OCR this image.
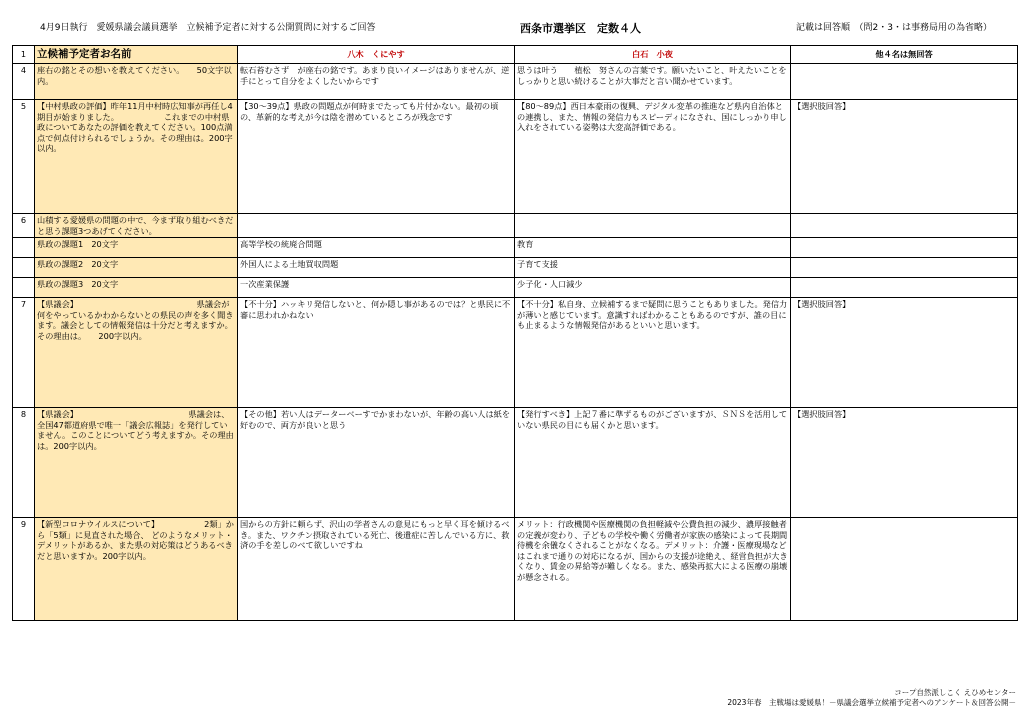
4月9日執行　愛媛県議会議員選挙　立候補予定者に対する公開質問に対するご回答	西条市選挙区　定数４人	記載は回答順　（問2・3・は事務局用の為省略）
1	立候補予定者お名前	八木　くにやす	白石　小夜	他４名は無回答
4	座右の銘とその想いを教えてください。　　50文字以内。	転石苔むさず　が座右の銘です。あまり良いイメージはありませんが、逆手にとって自分をよくしたいからです	思うは叶う　　植松　努さんの言葉です。願いたいこと、叶えたいことをしっかりと思い続けることが大事だと言い聞かせています。	
5	【中村県政の評価】昨年11月中村時広知事が再任し4期目が始まりました。　　　　　　これまでの中村県政についてあなたの評価を教えてください。100点満点で何点付けられるでしょうか。その理由は。200字以内。	【30～39点】県政の問題点が何時までたっても片付かない。最初の頃の、革新的な考えが今は陰を潜めているところが残念です	【80～89点】西日本豪雨の復興、デジタル変革の推進など県内自治体との連携し、また、情報の発信力もスピーディになされ、国にしっかり申し入れをされている姿勢は大変高評価である。	【選択肢回答】
6	山積する愛媛県の問題の中で、今まず取り組むべきだと思う課題3つあげてください。			
	県政の課題1　20文字	高等学校の統廃合問題	教育	
	県政の課題2　20文字	外国人による土地買収問題	子育て支援	
	県政の課題3　20文字	一次産業保護	少子化・人口減少	
7	【県議会】　　　　　　　　　　　　　　　県議会が何をやっているかわからないとの県民の声を多く聞きます。議会としての情報発信は十分だと考えますか。その理由は。　　200字以内。	【不十分】ハッキリ発信しないと、何か隠し事があるのでは？と県民に不審に思われかねない	【不十分】私自身、立候補するまで疑問に思うこともありました。発信力が薄いと感じています。意識すればわかることもあるのですが、誰の目にも止まるような情報発信があるといいと思います。	【選択肢回答】
8	【県議会】　　　　　　　　　　　　　　県議会は、全国47都道府県で唯一「議会広報誌」を発行していません。このことについてどう考えますか。その理由は。200字以内。	【その他】若い人はデーターベーすでかまわないが、年齢の高い人は紙を好むので、両方が良いと思う	【発行すべき】上記７番に準ずるものがございますが、ＳＮＳを活用していない県民の目にも届くかと思います。	【選択肢回答】
9	【新型コロナウイルスについて】　　　　　　2類」から「5類」に見直された場合、 どのようなメリット・デメリットがあるか、また県の対応策はどうあるべきだと思いますか。200字以内。	国からの方針に頼らず、沢山の学者さんの意見にもっと早く耳を傾けるべき。また、ワクチン摂取されている死亡、後遺症に苦しんでいる方に、救済の手を差しのべて欲しいですね	メリット：行政機関や医療機関の負担軽減や公費負担の減少、濃厚接触者の定義が変わり、子どもの学校や働く労働者が家族の感染によって長期間待機を余儀なくされることがなくなる。デメリット：介護・医療現場などはこれまで通りの対応になるが、国からの支援が途絶え、経営負担が大きくなり、賃金の昇給等が難しくなる。また、感染再拡大による医療の崩壊が懸念される。	
コープ自然派しこく えひめセンター
2023年春　主戦場は愛媛県！－県議会選挙立候補予定者へのアンケート＆回答公開－
